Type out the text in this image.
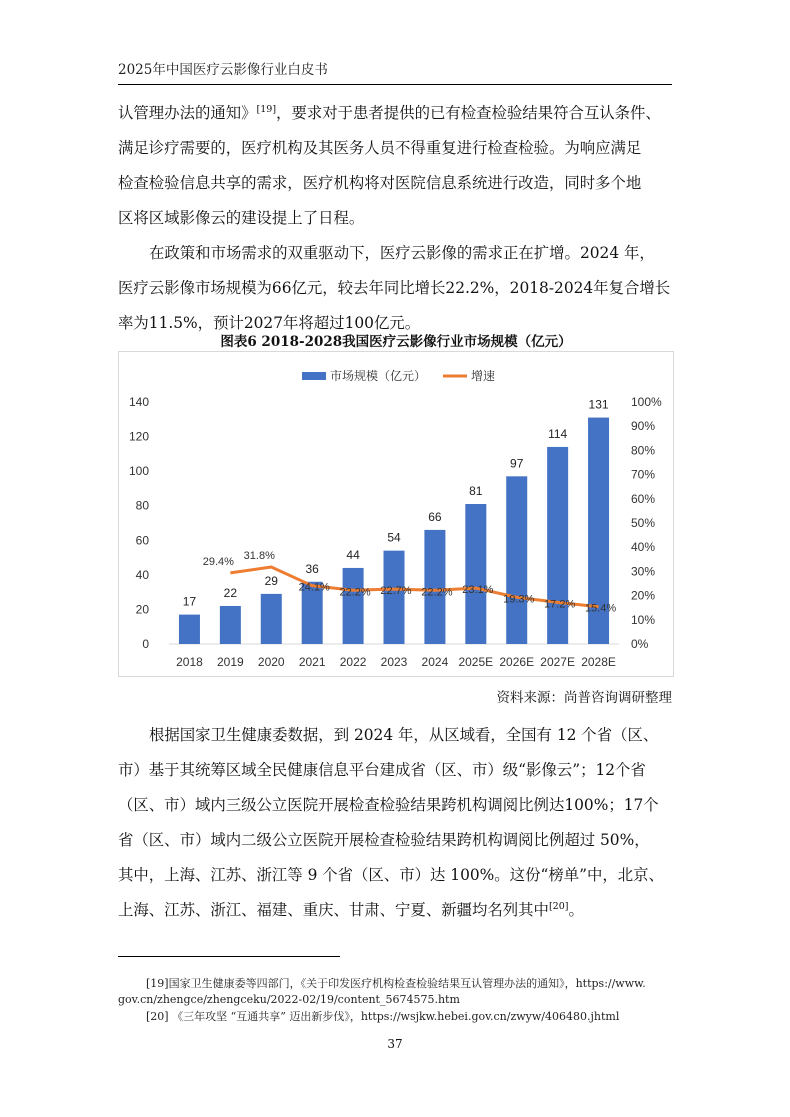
2025年中国医疗云影像行业白皮书
认管理办法的通知》[19]，要求对于患者提供的已有检查检验结果符合互认条件、
满足诊疗需要的，医疗机构及其医务人员不得重复进行检查检验。为响应满足
检查检验信息共享的需求，医疗机构将对医院信息系统进行改造，同时多个地
区将区域影像云的建设提上了日程。
在政策和市场需求的双重驱动下，医疗云影像的需求正在扩增。2024 年，
医疗云影像市场规模为66亿元，较去年同比增长22.2%，2018-2024年复合增长
率为11.5%，预计2027年将超过100亿元。
图表6 2018-2028我国医疗云影像行业市场规模（亿元）
市场规模（亿元）	增速
0
20
40
60
80
100
120
140
0%
10%
20%
30%
40%
50%
60%
70%
80%
90%
100%
17
2018
22
2019
29
2020
36
2021
44
2022
54
2023
66
2024
81
2025E
97
2026E
114
2027E
131
2028E
29.4% 31.8%
24.1% 22.2% 22.7% 22.2% 23.1%
19.3% 17.2% 15.4%
资料来源：尚普咨询调研整理
根据国家卫生健康委数据，到 2024 年，从区域看，全国有 12 个省（区、
市）基于其统筹区域全民健康信息平台建成省（区、市）级“影像云”；12个省
（区、市）域内三级公立医院开展检查检验结果跨机构调阅比例达100%；17个
省（区、市）域内二级公立医院开展检查检验结果跨机构调阅比例超过 50%，
其中，上海、江苏、浙江等 9 个省（区、市）达 100%。这份“榜单”中，北京、
上海、江苏、浙江、福建、重庆、甘肃、宁夏、新疆均名列其中[20]。
[19]国家卫生健康委等四部门，《关于印发医疗机构检查检验结果互认管理办法的通知》，https://www.
gov.cn/zhengce/zhengceku/2022-02/19/content_5674575.htm
[20] 《三年攻坚 “互通共享” 迈出新步伐》，https://wsjkw.hebei.gov.cn/zwyw/406480.jhtml
37
